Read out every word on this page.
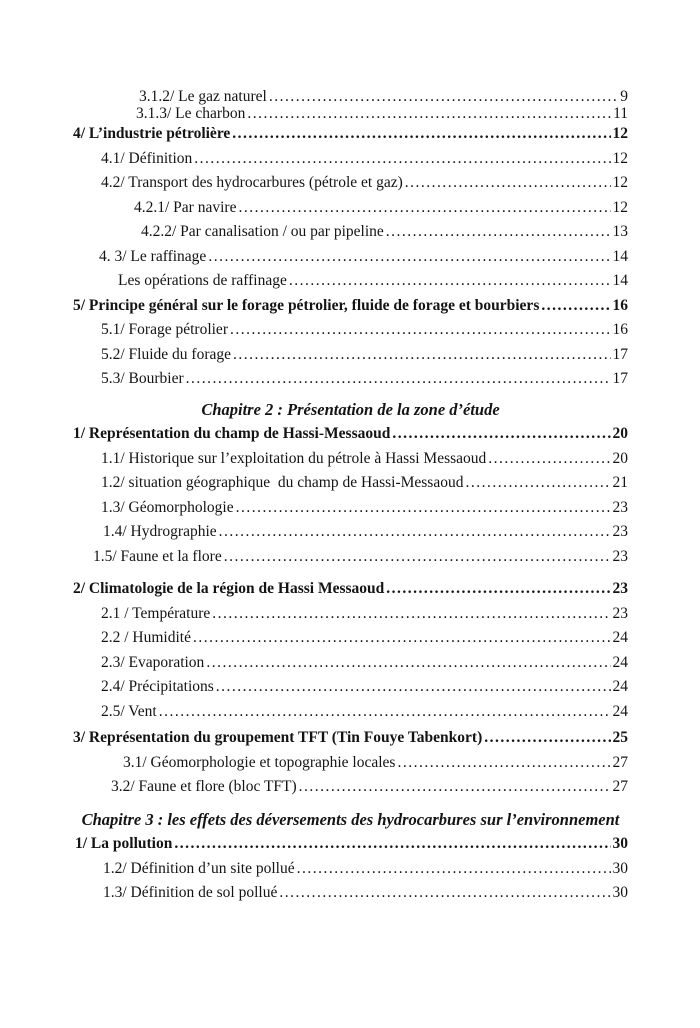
3.1.2/ Le gaz naturel .....	9
3.1.3/ Le charbon .....	11
4/ L’industrie pétrolière .....	12
4.1/ Définition .....	12
4.2/ Transport des hydrocarbures (pétrole et gaz) .....	12
4.2.1/ Par navire .....	12
4.2.2/ Par canalisation / ou par pipeline .....	13
4. 3/ Le raffinage .....	14
Les opérations de raffinage .....	14
5/ Principe général sur le forage pétrolier, fluide de forage et bourbiers .....	16
5.1/ Forage pétrolier .....	16
5.2/ Fluide du forage .....	17
5.3/ Bourbier .....	17
Chapitre 2 : Présentation de la zone d’étude
1/ Représentation du champ de Hassi-Messaoud .....	20
1.1/ Historique sur l’exploitation du pétrole à Hassi Messaoud .....	20
1.2/ situation géographique  du champ de Hassi-Messaoud .....	21
1.3/ Géomorphologie .....	23
1.4/ Hydrographie .....	23
1.5/ Faune et la flore .....	23
2/ Climatologie de la région de Hassi Messaoud .....	23
2.1 / Température .....	23
2.2 / Humidité .....	24
2.3/ Evaporation .....	24
2.4/ Précipitations .....	24
2.5/ Vent .....	24
3/ Représentation du groupement TFT (Tin Fouye Tabenkort) .....	25
3.1/ Géomorphologie et topographie locales .....	27
3.2/ Faune et flore (bloc TFT) .....	27
Chapitre 3 : les effets des déversements des hydrocarbures sur l’environnement
1/ La pollution .....	30
1.2/ Définition d’un site pollué .....	30
1.3/ Définition de sol pollué .....	30
